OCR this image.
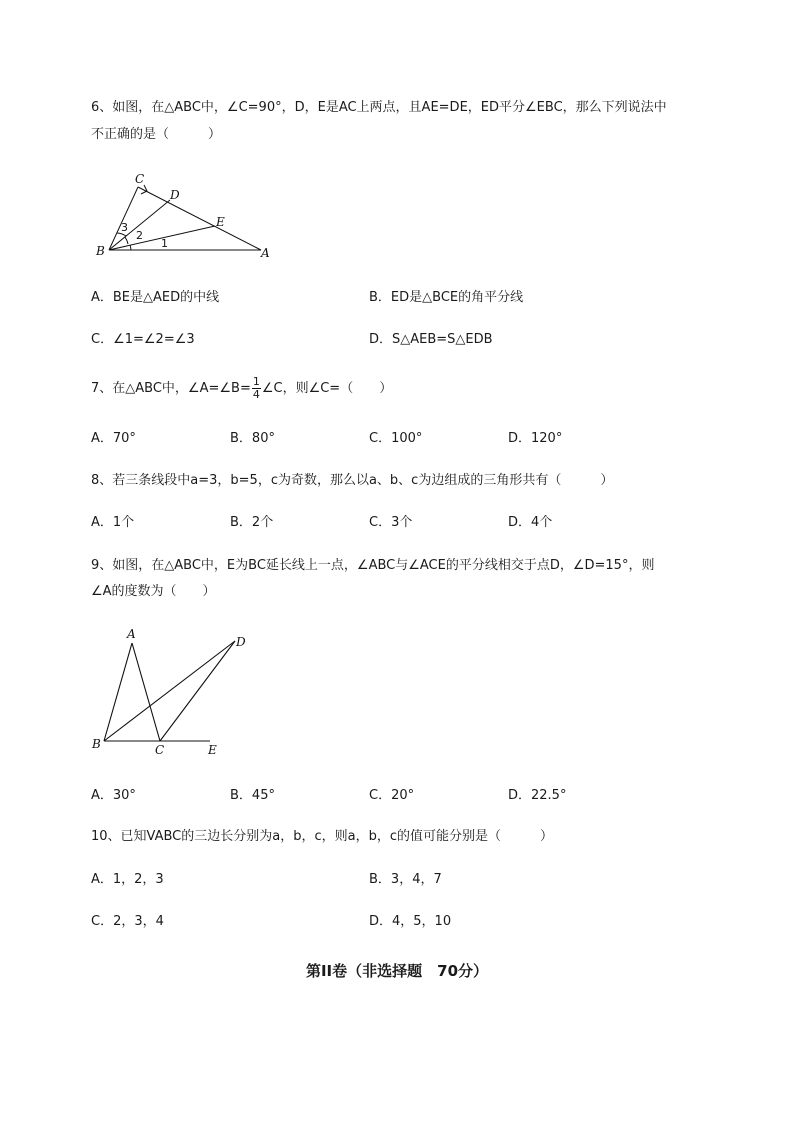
6、如图，在△ABC中，∠C=90°，D，E是AC上两点，且AE=DE，ED平分∠EBC，那么下列说法中
不正确的是（　　　）
C
D
E
B	A
3
2
1
A．BE是△AED的中线	B．ED是△BCE的角平分线
C．∠1=∠2=∠3	D．S△AEB=S△EDB
7、在△ABC中，∠A=∠B= $\frac{1}{4}$ ∠C，则∠C=（　　）
A．70°	B．80°	C．100°	D．120°
8、若三条线段中a=3，b=5，c为奇数，那么以a、b、c为边组成的三角形共有（　　　）
A．1个	B．2个	C．3个	D．4个
9、如图，在△ABC中，E为BC延长线上一点，∠ABC与∠ACE的平分线相交于点D，∠D=15°，则
∠A的度数为（　　）
A
D
B	C	E
A．30°	B．45°	C．20°	D．22.5°
10、已知VABC的三边长分别为a，b，c，则a，b，c的值可能分别是（　　　）
A．1，2，3	B．3，4，7
C．2，3，4	D．4，5，10
第II卷（非选择题　70分）
